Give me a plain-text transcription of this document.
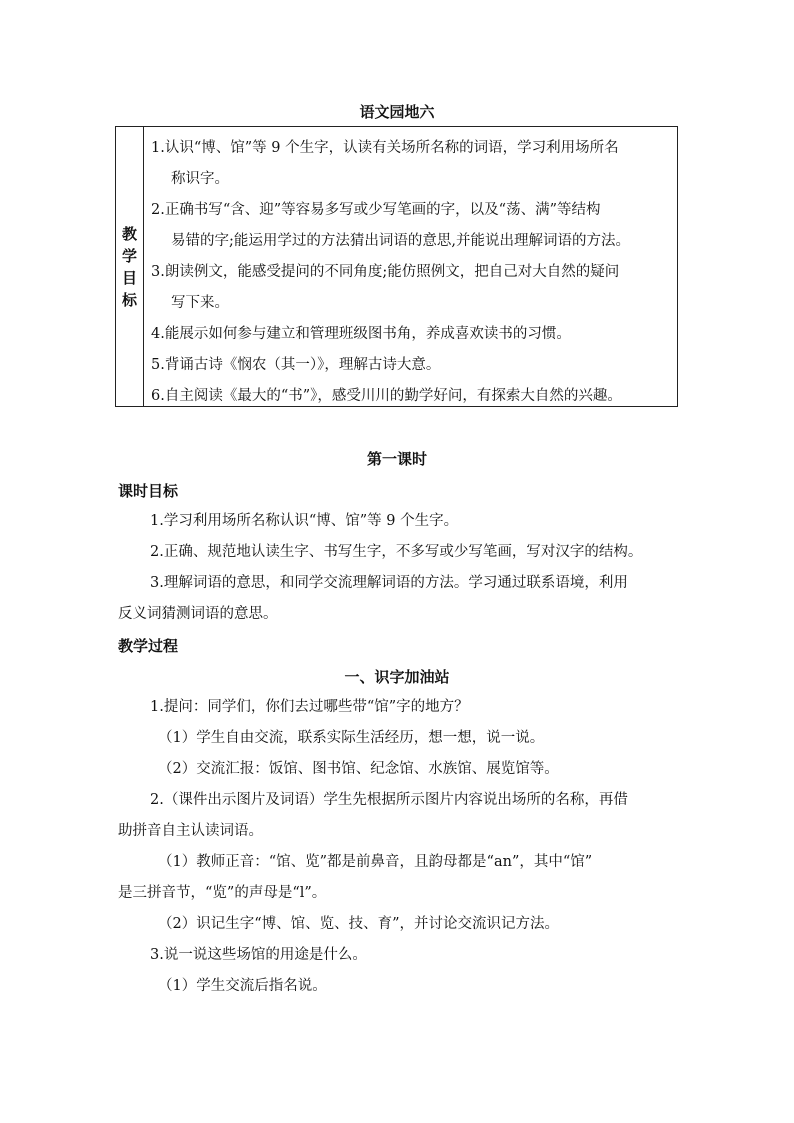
语文园地六
教
学
目
标

1.认识“博、馆”等 9 个生字，认读有关场所名称的词语，学习利用场所名
称识字。

2.正确书写“含、迎”等容易多写或少写笔画的字，以及“荡、满”等结构
易错的字;能运用学过的方法猜出词语的意思,并能说出理解词语的方法。

3.朗读例文，能感受提问的不同角度;能仿照例文，把自己对大自然的疑问
写下来。

4.能展示如何参与建立和管理班级图书角，养成喜欢读书的习惯。

5.背诵古诗《悯农（其一）》，理解古诗大意。

6.自主阅读《最大的“书”》，感受川川的勤学好问，有探索大自然的兴趣。

第一课时
课时目标
1.学习利用场所名称认识“博、馆”等 9 个生字。
2.正确、规范地认读生字、书写生字，不多写或少写笔画，写对汉字的结构。
3.理解词语的意思，和同学交流理解词语的方法。学习通过联系语境，利用
反义词猜测词语的意思。
教学过程
一、识字加油站
1.提问：同学们，你们去过哪些带“馆”字的地方？
（1）学生自由交流，联系实际生活经历，想一想，说一说。
（2）交流汇报：饭馆、图书馆、纪念馆、水族馆、展览馆等。
2.（课件出示图片及词语）学生先根据所示图片内容说出场所的名称，再借
助拼音自主认读词语。
（1）教师正音：“馆、览”都是前鼻音，且韵母都是“an”，其中“馆”
是三拼音节，“览”的声母是“l”。
（2）识记生字“博、馆、览、技、育”，并讨论交流识记方法。
3.说一说这些场馆的用途是什么。
（1）学生交流后指名说。
